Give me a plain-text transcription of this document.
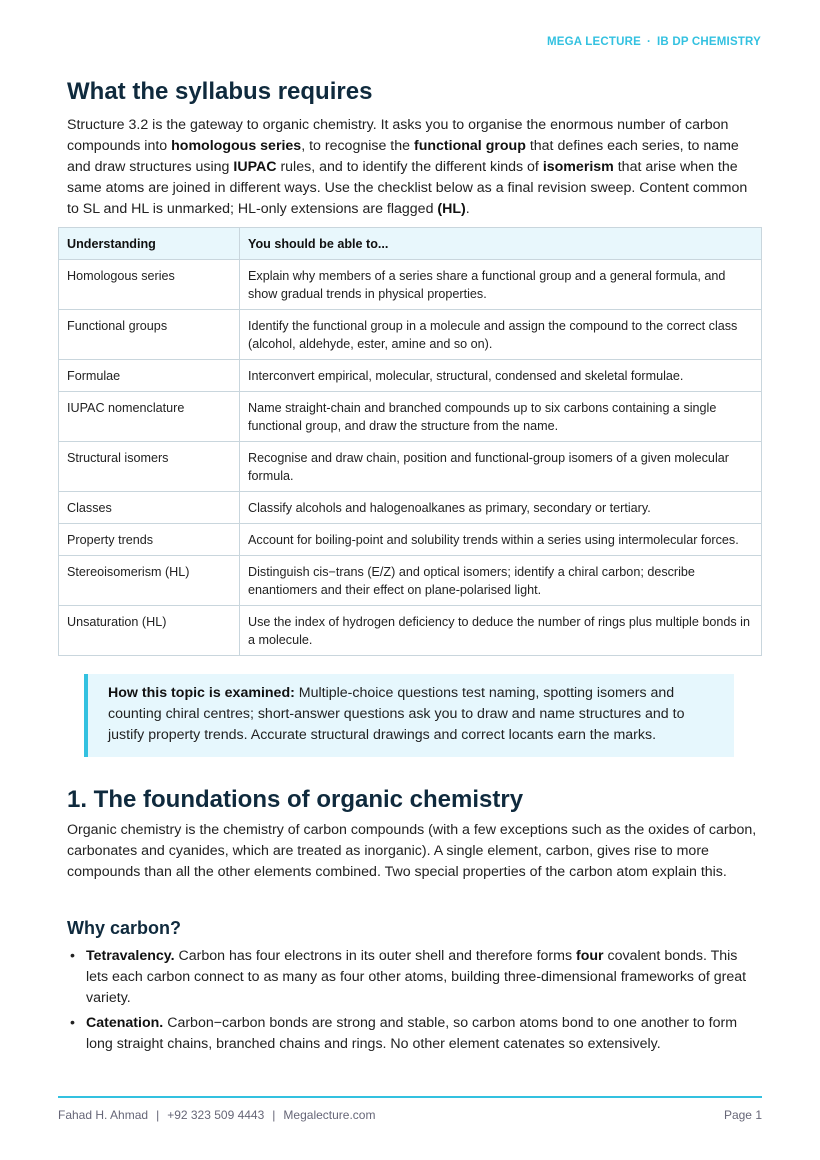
MEGA LECTURE · IB DP CHEMISTRY
What the syllabus requires

Structure 3.2 is the gateway to organic chemistry. It asks you to organise the enormous number of carbon compounds into homologous series, to recognise the functional group that defines each series, to name and draw structures using IUPAC rules, and to identify the different kinds of isomerism that arise when the same atoms are joined in different ways. Use the checklist below as a final revision sweep. Content common to SL and HL is unmarked; HL-only extensions are flagged (HL).

Understanding	You should be able to...
Homologous series	Explain why members of a series share a functional group and a general formula, and show gradual trends in physical properties.
Functional groups	Identify the functional group in a molecule and assign the compound to the correct class (alcohol, aldehyde, ester, amine and so on).
Formulae	Interconvert empirical, molecular, structural, condensed and skeletal formulae.
IUPAC nomenclature	Name straight-chain and branched compounds up to six carbons containing a single functional group, and draw the structure from the name.
Structural isomers	Recognise and draw chain, position and functional-group isomers of a given molecular formula.
Classes	Classify alcohols and halogenoalkanes as primary, secondary or tertiary.
Property trends	Account for boiling-point and solubility trends within a series using intermolecular forces.
Stereoisomerism (HL)	Distinguish cis−trans (E/Z) and optical isomers; identify a chiral carbon; describe enantiomers and their effect on plane-polarised light.
Unsaturation (HL)	Use the index of hydrogen deficiency to deduce the number of rings plus multiple bonds in a molecule.
How this topic is examined: Multiple-choice questions test naming, spotting isomers and counting chiral centres; short-answer questions ask you to draw and name structures and to justify property trends. Accurate structural drawings and correct locants earn the marks.
1. The foundations of organic chemistry

Organic chemistry is the chemistry of carbon compounds (with a few exceptions such as the oxides of carbon, carbonates and cyanides, which are treated as inorganic). A single element, carbon, gives rise to more compounds than all the other elements combined. Two special properties of the carbon atom explain this.

Why carbon?
• Tetravalency. Carbon has four electrons in its outer shell and therefore forms four covalent bonds. This lets each carbon connect to as many as four other atoms, building three-dimensional frameworks of great variety.
• Catenation. Carbon−carbon bonds are strong and stable, so carbon atoms bond to one another to form long straight chains, branched chains and rings. No other element catenates so extensively.
Fahad H. Ahmad | +92 323 509 4443 | Megalecture.com	Page 1
